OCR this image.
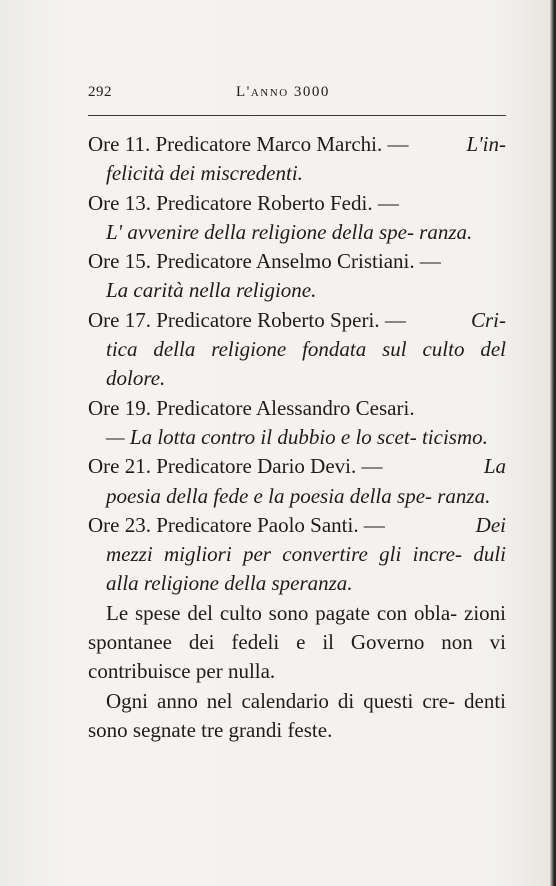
292	L'anno 3000
Ore 11. Predicatore Marco Marchi. —	L'in-
felicità dei miscredenti.
Ore 13. Predicatore Roberto Fedi. —
L' avvenire della religione della spe- ranza.
Ore 15. Predicatore Anselmo Cristiani. —
La carità nella religione.
Ore 17. Predicatore Roberto Speri. —	Cri-
tica della religione fondata sul culto del dolore.
Ore 19. Predicatore Alessandro Cesari.
— La lotta contro il dubbio e lo scet- ticismo.
Ore 21. Predicatore Dario Devi. —	La
poesia della fede e la poesia della spe- ranza.
Ore 23. Predicatore Paolo Santi. —	Dei
mezzi migliori per convertire gli incre- duli alla religione della speranza.

Le spese del culto sono pagate con obla- zioni spontanee dei fedeli e il Governo non vi contribuisce per nulla.

Ogni anno nel calendario di questi cre- denti sono segnate tre grandi feste.
